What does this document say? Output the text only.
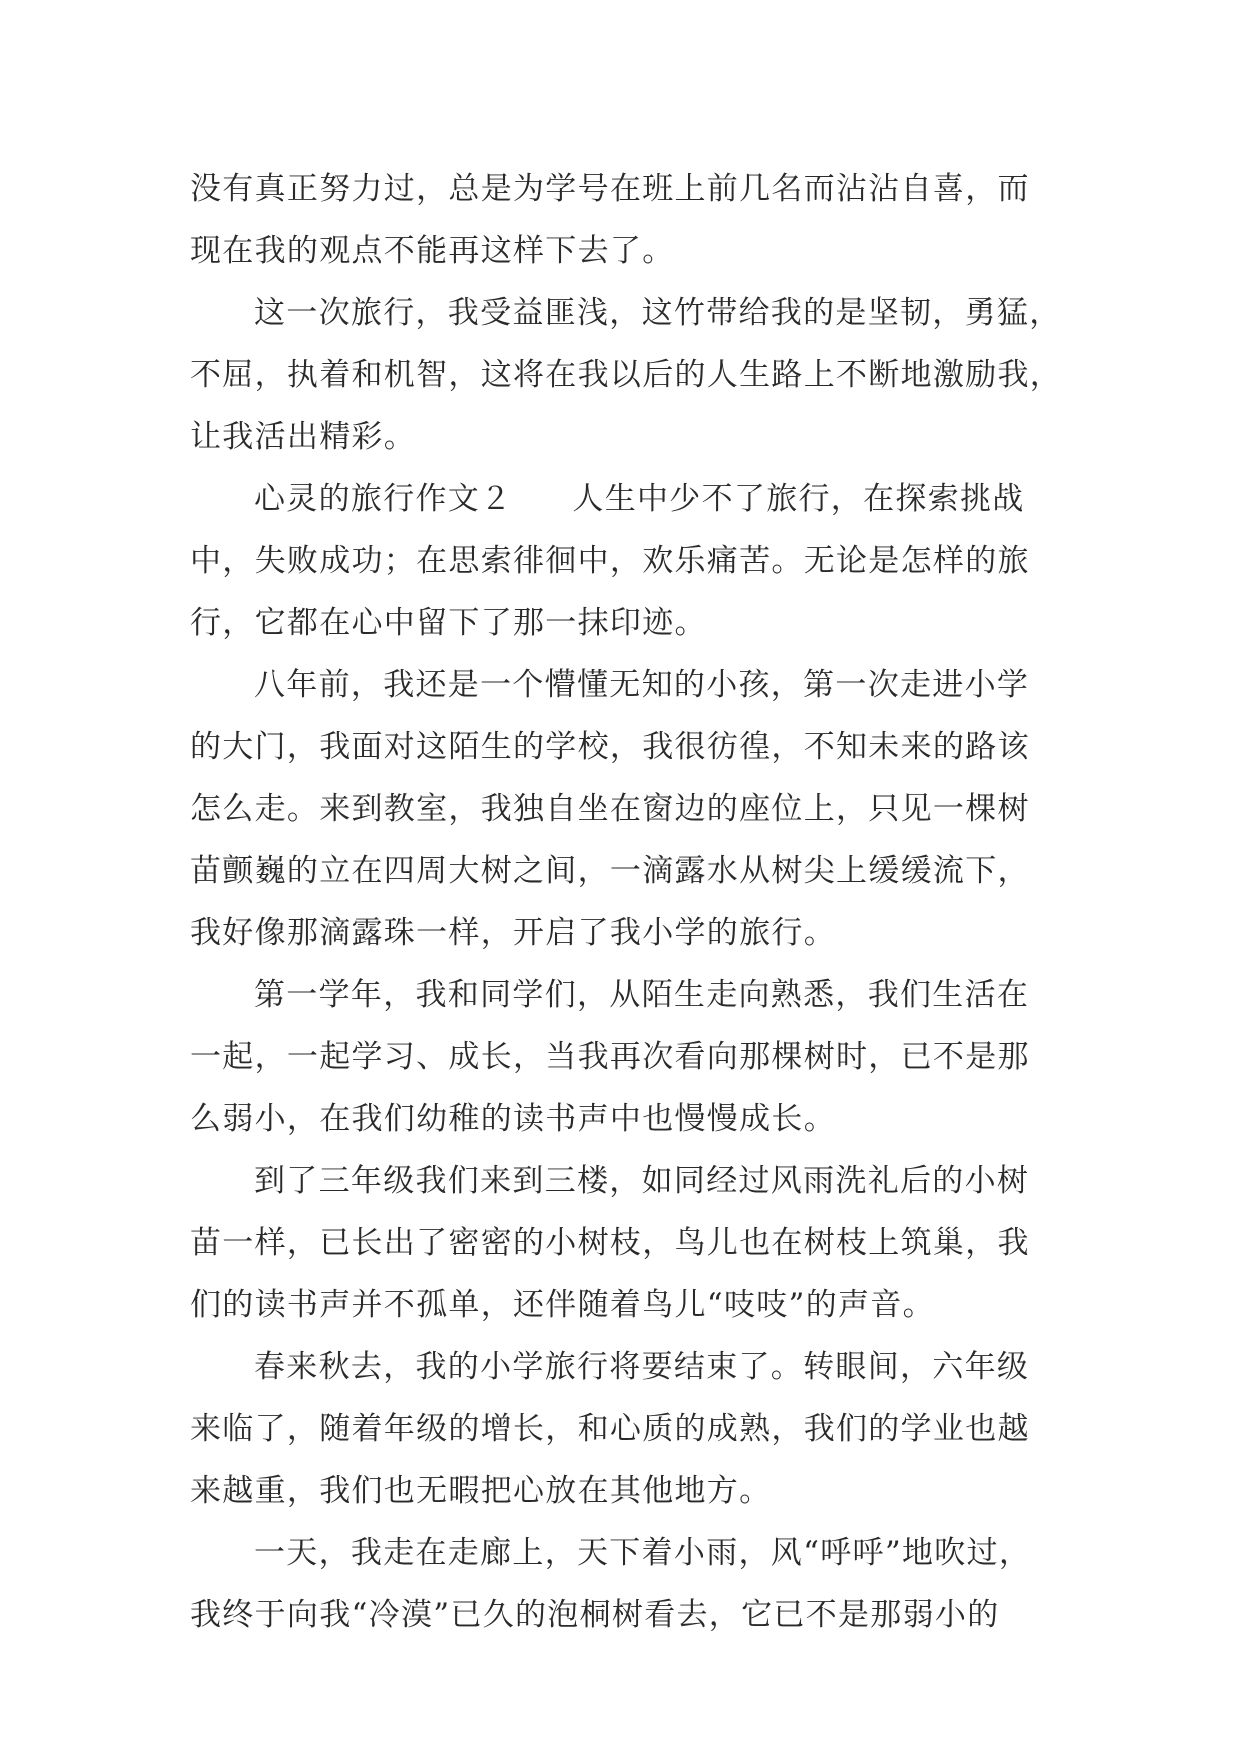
没有真正努力过，总是为学号在班上前几名而沾沾自喜，而
现在我的观点不能再这样下去了。
这一次旅行，我受益匪浅，这竹带给我的是坚韧，勇猛，
不屈，执着和机智，这将在我以后的人生路上不断地激励我，
让我活出精彩。
心灵的旅行作文２ 人生中少不了旅行，在探索挑战
中，失败成功；在思索徘徊中，欢乐痛苦。无论是怎样的旅
行，它都在心中留下了那一抹印迹。
八年前，我还是一个懵懂无知的小孩，第一次走进小学
的大门，我面对这陌生的学校，我很彷徨，不知未来的路该
怎么走。来到教室，我独自坐在窗边的座位上，只见一棵树
苗颤巍的立在四周大树之间，一滴露水从树尖上缓缓流下，
我好像那滴露珠一样，开启了我小学的旅行。
第一学年，我和同学们，从陌生走向熟悉，我们生活在
一起，一起学习、成长，当我再次看向那棵树时，已不是那
么弱小，在我们幼稚的读书声中也慢慢成长。
到了三年级我们来到三楼，如同经过风雨洗礼后的小树
苗一样，已长出了密密的小树枝，鸟儿也在树枝上筑巢，我
们的读书声并不孤单，还伴随着鸟儿“吱吱”的声音。
春来秋去，我的小学旅行将要结束了。转眼间，六年级
来临了，随着年级的增长，和心质的成熟，我们的学业也越
来越重，我们也无暇把心放在其他地方。
一天，我走在走廊上，天下着小雨，风“呼呼”地吹过，
我终于向我“冷漠”已久的泡桐树看去，它已不是那弱小的
